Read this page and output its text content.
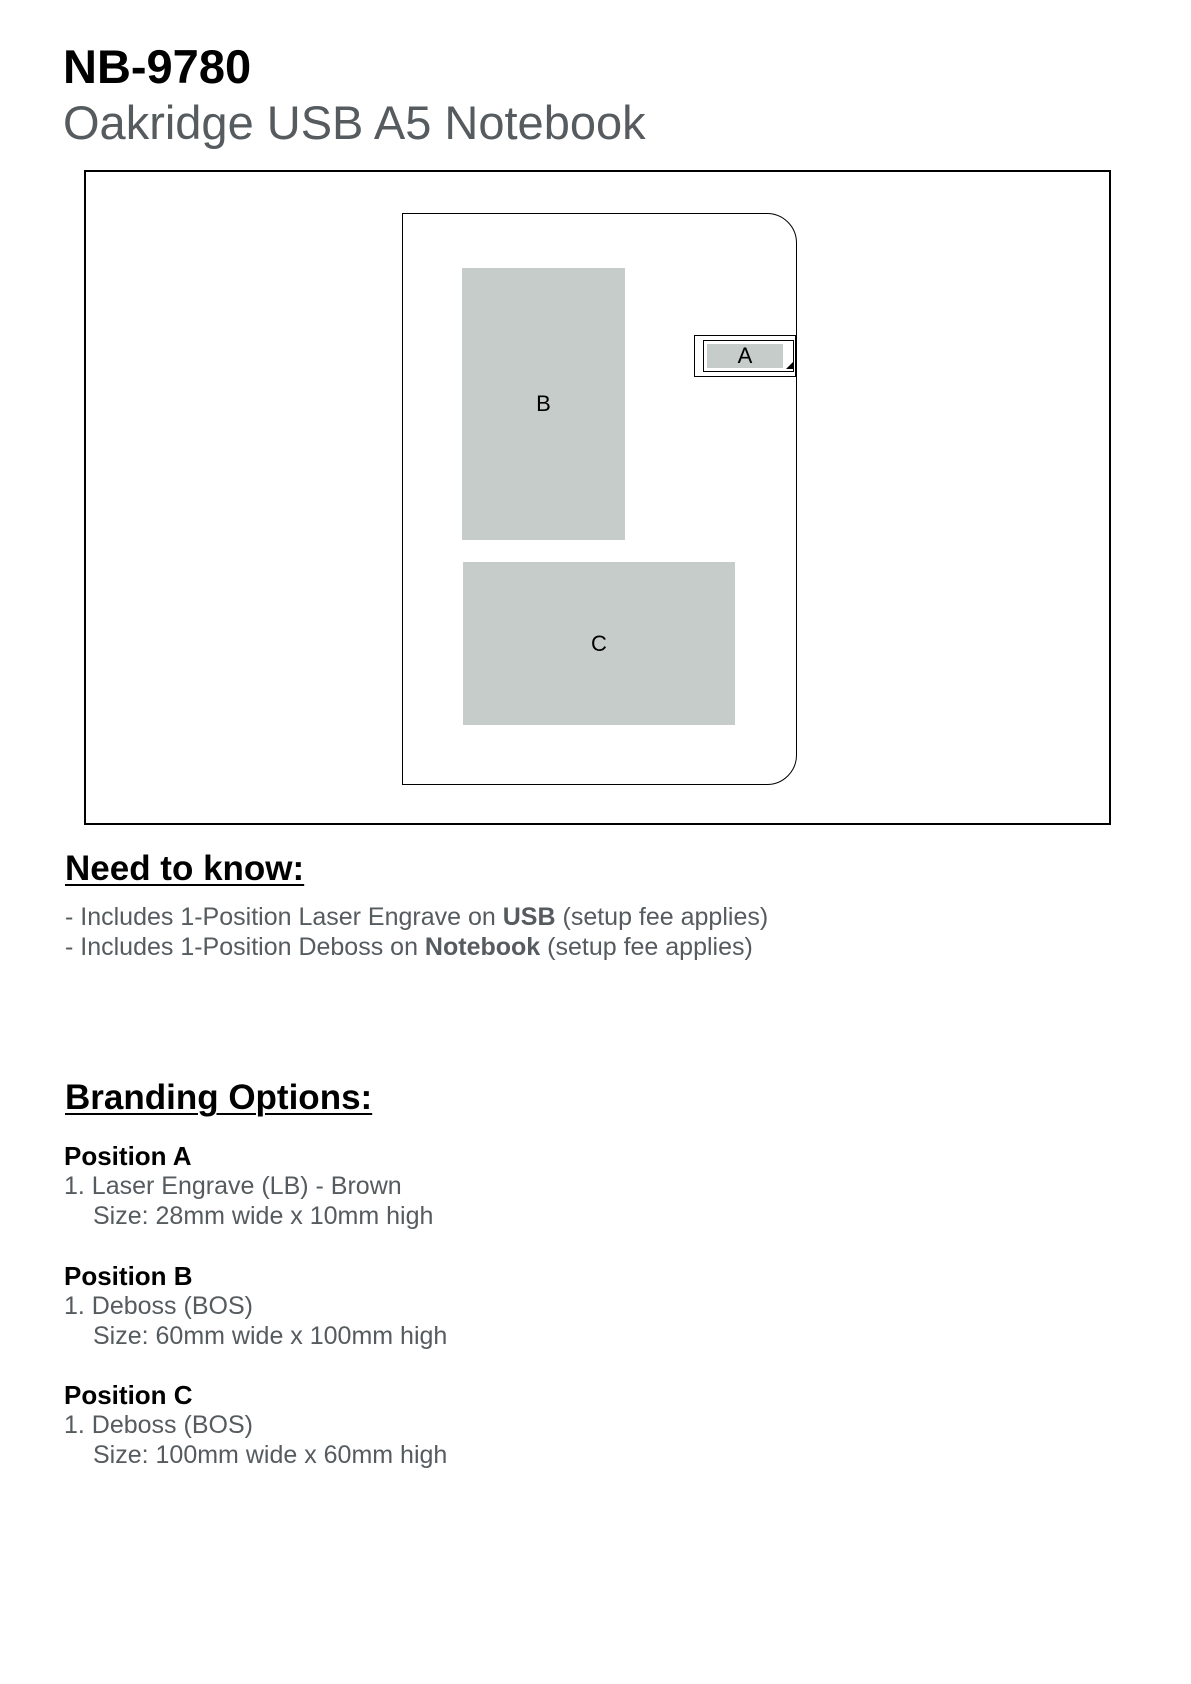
NB-9780
Oakridge USB A5 Notebook
B
C
A
Need to know:
- Includes 1-Position Laser Engrave on USB (setup fee applies)
- Includes 1-Position Deboss on Notebook (setup fee applies)
Branding Options:
Position A
1. Laser Engrave (LB) - Brown
Size: 28mm wide x 10mm high
Position B
1. Deboss (BOS)
Size: 60mm wide x 100mm high
Position C
1. Deboss (BOS)
Size: 100mm wide x 60mm high
